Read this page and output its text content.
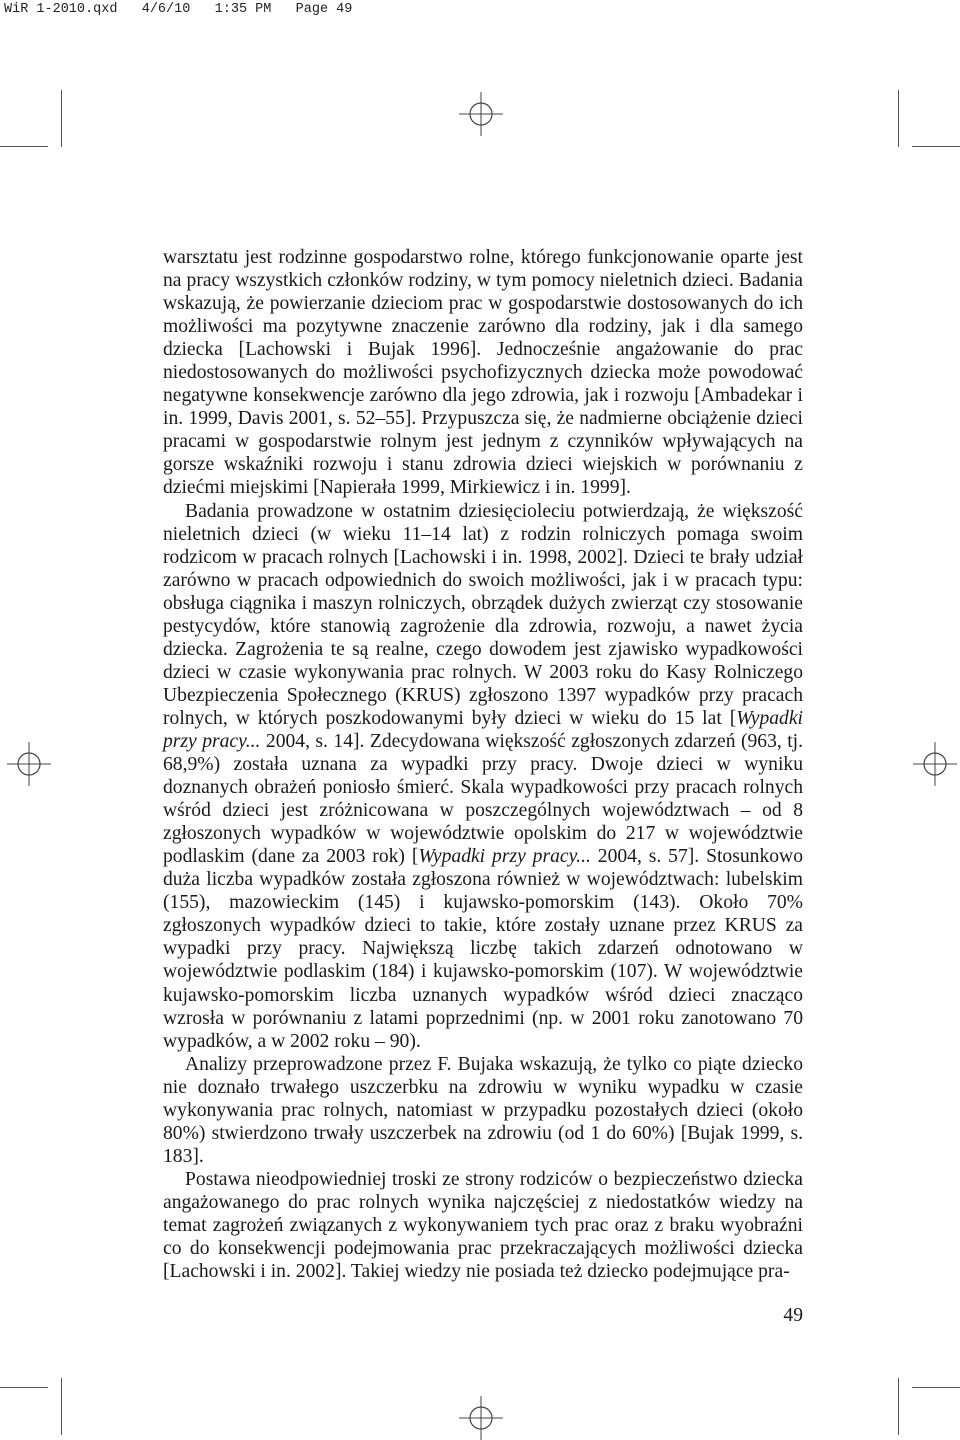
WiR 1-2010.qxd   4/6/10   1:35 PM   Page 49

warsztatu jest rodzinne gospodarstwo rolne, którego funkcjonowanie oparte jest na pracy wszystkich członków rodziny, w tym pomocy nieletnich dzieci. Badania wskazują, że powierzanie dzieciom prac w gospodarstwie dostosowanych do ich możliwości ma pozytywne znaczenie zarówno dla rodziny, jak i dla samego dziecka [Lachowski i Bujak 1996]. Jednocześnie angażowanie do prac niedostosowanych do możliwości psychofizycznych dziecka może powodować negatywne konsekwencje zarówno dla jego zdrowia, jak i rozwoju [Ambadekar i in. 1999, Davis 2001, s. 52–55]. Przypuszcza się, że nadmierne obciążenie dzieci pracami w gospodarstwie rolnym jest jednym z czynników wpływających na gorsze wskaźniki rozwoju i stanu zdrowia dzieci wiejskich w porównaniu z dziećmi miejskimi [Napierała 1999, Mirkiewicz i in. 1999].

Badania prowadzone w ostatnim dziesięcioleciu potwierdzają, że większość nieletnich dzieci (w wieku 11–14 lat) z rodzin rolniczych pomaga swoim rodzicom w pracach rolnych [Lachowski i in. 1998, 2002]. Dzieci te brały udział zarówno w pracach odpowiednich do swoich możliwości, jak i w pracach typu: obsługa ciągnika i maszyn rolniczych, obrządek dużych zwierząt czy stosowanie pestycydów, które stanowią zagrożenie dla zdrowia, rozwoju, a nawet życia dziecka. Zagrożenia te są realne, czego dowodem jest zjawisko wypadkowości dzieci w czasie wykonywania prac rolnych. W 2003 roku do Kasy Rolniczego Ubezpieczenia Społecznego (KRUS) zgłoszono 1397 wypadków przy pracach rolnych, w których poszkodowanymi były dzieci w wieku do 15 lat [Wypadki przy pracy... 2004, s. 14]. Zdecydowana większość zgłoszonych zdarzeń (963, tj. 68,9%) została uznana za wypadki przy pracy. Dwoje dzieci w wyniku doznanych obrażeń poniosło śmierć. Skala wypadkowości przy pracach rolnych wśród dzieci jest zróżnicowana w poszczególnych województwach – od 8 zgłoszonych wypadków w województwie opolskim do 217 w województwie podlaskim (dane za 2003 rok) [Wypadki przy pracy... 2004, s. 57]. Stosunkowo duża liczba wypadków została zgłoszona również w województwach: lubelskim (155), mazowieckim (145) i kujawsko-pomorskim (143). Około 70% zgłoszonych wypadków dzieci to takie, które zostały uznane przez KRUS za wypadki przy pracy. Największą liczbę takich zdarzeń odnotowano w województwie podlaskim (184) i kujawsko-pomorskim (107). W województwie kujawsko-pomorskim liczba uznanych wypadków wśród dzieci znacząco wzrosła w porównaniu z latami poprzednimi (np. w 2001 roku zanotowano 70 wypadków, a w 2002 roku – 90).

Analizy przeprowadzone przez F. Bujaka wskazują, że tylko co piąte dziecko nie doznało trwałego uszczerbku na zdrowiu w wyniku wypadku w czasie wykonywania prac rolnych, natomiast w przypadku pozostałych dzieci (około 80%) stwierdzono trwały uszczerbek na zdrowiu (od 1 do 60%) [Bujak 1999, s. 183].

Postawa nieodpowiedniej troski ze strony rodziców o bezpieczeństwo dziecka angażowanego do prac rolnych wynika najczęściej z niedostatków wiedzy na temat zagrożeń związanych z wykonywaniem tych prac oraz z braku wyobraźni co do konsekwencji podejmowania prac przekraczających możliwości dziecka [Lachowski i in. 2002]. Takiej wiedzy nie posiada też dziecko podejmujące pra-

49
